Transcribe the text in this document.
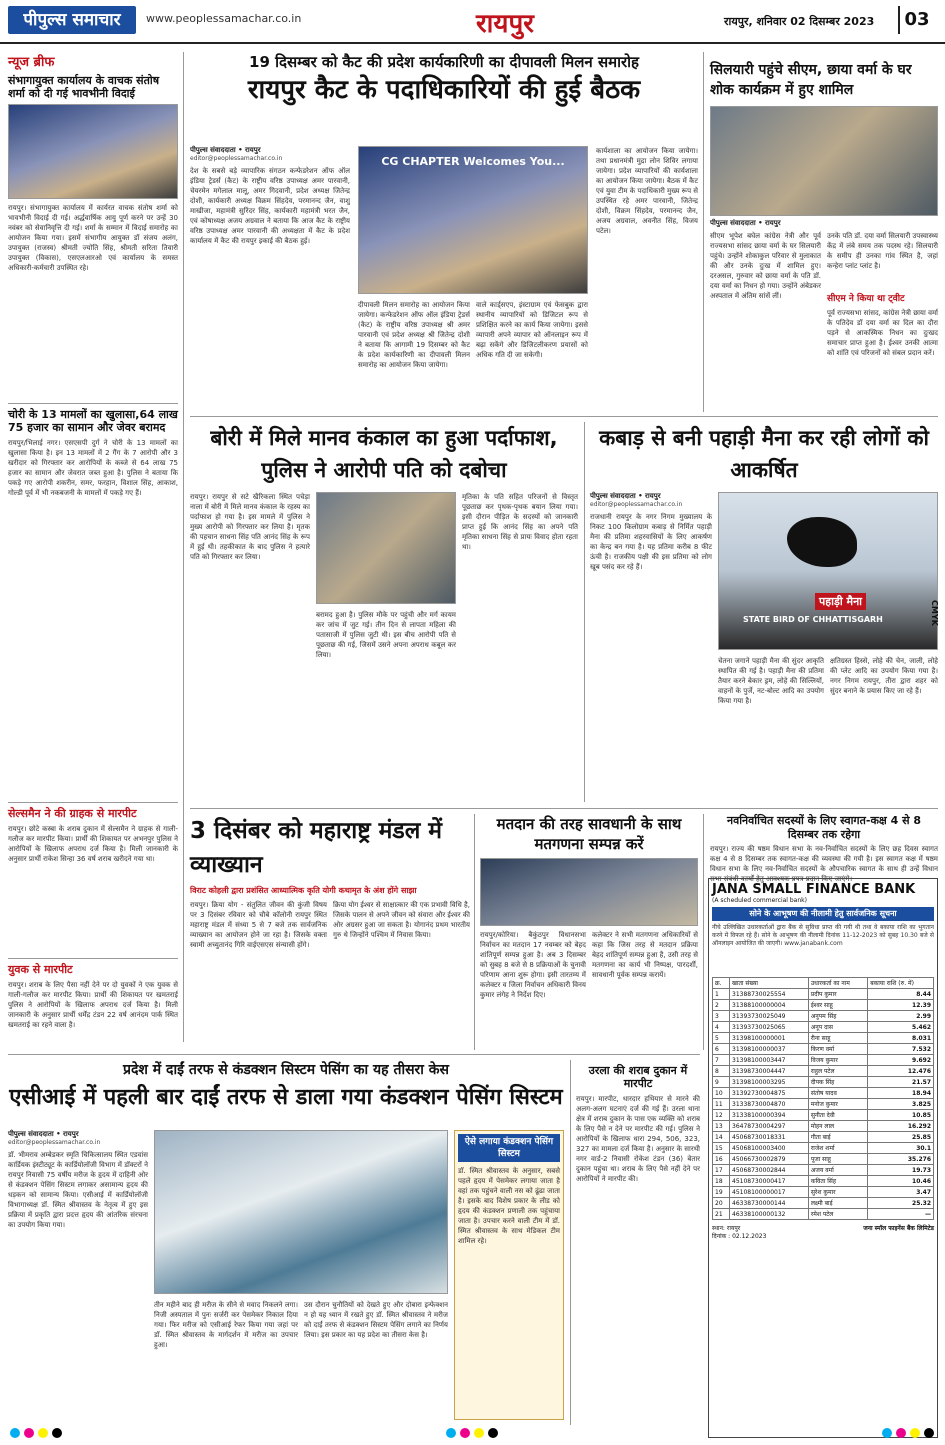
पीपुल्स समाचार	www.peoplessamachar.co.in	रायपुर	रायपुर, शनिवार 02 दिसम्बर 2023	03
न्यूज ब्रीफ
संभागायुक्त कार्यालय के वाचक संतोष शर्मा को दी गई भावभीनी विदाई
रायपुर। संभागायुक्त कार्यालय में कार्यरत वाचक संतोष शर्मा को भावभीनी विदाई दी गई। अर्द्धवार्षिक आयु पूर्ण करने पर उन्हें 30 नवंबर को सेवानिवृत्ति दी गई। शर्मा के सम्मान में विदाई समारोह का आयोजन किया गया। इसमें संभागीय आयुक्त डॉ संजय अलंग, उपायुक्त (राजस्व) श्रीमती ज्योति सिंह, श्रीमती सरिता तिवारी उपायुक्त (विकास), एसएलआरओ एवं कार्यालय के समस्त अधिकारी-कर्मचारी उपस्थित रहे।
चोरी के 13 मामलों का खुलासा,64 लाख 75 हजार का सामान और जेवर बरामद
रायपुर/भिलाई नगर। एसएसपी दुर्ग ने चोरी के 13 मामलों का खुलासा किया है। इन 13 मामलों में 2 गैंग के 7 आरोपी और 3 खरीदार को गिरफ्तार कर आरोपियों के कब्जे से 64 लाख 75 हजार का सामान और जेवरात जब्त हुआ है। पुलिस ने बताया कि पकड़े गए आरोपी शकरीन, समर, फरहान, विशाल सिंह, आकाश, गोल्डी पूर्व में भी नकबजनी के मामलों में पकड़े गए हैं।
सेल्समैन ने की ग्राहक से मारपीट
रायपुर। छोटे कस्बा के शराब दुकान में सेल्समैन ने ग्राहक से गाली-गलौज कर मारपीट किया। प्रार्थी की शिकायत पर अभनपुर पुलिस ने आरोपियों के खिलाफ अपराध दर्ज किया है। मिली जानकारी के अनुसार प्रार्थी राकेश सिन्हा 36 वर्ष शराब खरीदने गया था।
युवक से मारपीट
रायपुर। शराब के लिए पैसा नहीं देने पर दो युवकों ने एक युवक से गाली-गलौज कर मारपीट किया। प्रार्थी की शिकायत पर खमतराई पुलिस ने आरोपियों के खिलाफ अपराध दर्ज किया है। मिली जानकारी के अनुसार प्रार्थी धर्मेंद्र टंडन 22 वर्ष आनंदम पार्क स्थित खमतराई का रहने वाला है।
19 दिसम्बर को कैट की प्रदेश कार्यकारिणी का दीपावली मिलन समारोह
रायपुर कैट के पदाधिकारियों की हुई बैठक
पीपुल्स संवाददाता • रायपुर
editor@peoplessamachar.co.in
देश के सबसे बड़े व्यापारिक संगठन कन्फेडरेशन ऑफ ऑल इंडिया ट्रेडर्स (कैट) के राष्ट्रीय वरिष्ठ उपाध्यक्ष अमर पारवानी, चेयरमेन मगेलाल मालू, अमर गिदवानी, प्रदेश अध्यक्ष जितेन्द्र दोशी, कार्यकारी अध्यक्ष विक्रम सिंहदेव, परमानन्द जैन, वाशु माखीजा, महामंत्री सुरिंदर सिंह, कार्यकारी महामंत्री भरत जैन, एवं कोषाध्यक्ष अजय अग्रवाल ने बताया कि आज कैट के राष्ट्रीय वरिष्ठ उपाध्यक्ष अमर पारवानी की अध्यक्षता में कैट के प्रदेश कार्यालय में कैट की रायपुर इकाई की बैठक हुई।
CG CHAPTER Welcomes You...
कार्यशाला का आयोजन किया जायेगा। तथा प्रधानमंत्री मुद्रा लोन शिविर लगाया जायेगा। प्रदेश व्यापारियों की कार्यशाला का आयोजन किया जायेगा। बैठक में कैट एवं युवा टीम के पदाधिकारी मुख्य रूप से उपस्थित रहे अमर पारवानी, जितेन्द्र दोशी, विक्रम सिंहदेव, परमानन्द जैन, अजय अग्रवाल, अवनीत सिंह, विजय पटेल।
दीपावली मिलन समारोह का आयोजन किया जायेगा। कन्फेडरेशन ऑफ ऑल इंडिया ट्रेडर्स (कैट) के राष्ट्रीय वरिष्ठ उपाध्यक्ष श्री अमर पारवानी एवं प्रदेश अध्यक्ष श्री जितेन्द्र दोशी ने बताया कि आगामी 19 दिसम्बर को कैट के प्रदेश कार्यकारिणी का दीपावली मिलन समारोह का आयोजन किया जायेगा।
वाले कार्ड्सएप, इंस्टाग्राम एवं फेसबुक द्वारा स्थानीय व्यापारियों को डिजिटल रूप से प्रशिक्षित करने का कार्य किया जायेगा। इससे व्यापारी अपने व्यापार को ऑनलाइन रूप में बढ़ा सकेंगे और डिजिटलीकरण प्रयासों को अधिक गति दी जा सकेगी।
सिलयारी पहुंचे सीएम, छाया वर्मा के घर शोक कार्यक्रम में हुए शामिल
पीपुल्स संवाददाता • रायपुर
सीएम भूपेश बघेल कांग्रेस नेत्री और पूर्व राज्यसभा सांसद छाया वर्मा के घर सिलयारी पहुंचे। उन्होंने शोकाकुल परिवार से मुलाकात की और उनके दुःख में शामिल हुए। दरअसल, गुरुवार को छाया वर्मा के पति डॉ. दया वर्मा का निधन हो गया। उन्होंने अंबेडकर अस्पताल में अंतिम सांसें लीं।
उनके पति डॉ. दया वर्मा सिलयारी उपस्वास्थ्य केंद्र में लंबे समय तक पदस्थ रहे। सिलयारी के समीप ही उनका गांव स्थित है, जहां कन्हेरा प्लांट प्लांट है।
सीएम ने किया था ट्वीट
पूर्व राज्यसभा सांसद, कांग्रेस नेत्री छाया वर्मा के पतिदेव डॉ दया वर्मा का दिल का दौरा पड़ने से आकस्मिक निधन का दुःखद समाचार प्राप्त हुआ है। ईश्वर उनकी आत्मा को शांति एवं परिजनों को संबल प्रदान करें।
बोरी में मिले मानव कंकाल का हुआ पर्दाफाश, पुलिस ने आरोपी पति को दबोचा
रायपुर। रायपुर से सटे खैरिकला स्थित पचेड़ा नाला में बोरी में मिले मानव कंकाल के रहस्य का पर्दाफाश हो गया है। इस मामले में पुलिस ने मुख्य आरोपी को गिरफ्तार कर लिया है। मृतक की पहचान साधना सिंह पति आनंद सिंह के रूप में हुई थी। तहकीकात के बाद पुलिस ने हत्यारे पति को गिरफ्तार कर लिया।
बरामद हुआ है। पुलिस मौके पर पहुंची और मर्ग कायम कर जांच में जुट गई। तीन दिन से लापता महिला की पतासाजी में पुलिस जुटी थी। इस बीच आरोपी पति से पूछताछ की गई, जिसमें उसने अपना अपराध कबूल कर लिया।
मृतिका के पति सहित परिजनों से विस्तृत पूछताछ कर पृथक-पृथक बयान लिया गया। इसी दौरान पीड़ित के सदस्यों को जानकारी प्राप्त हुई कि आनंद सिंह का अपने पति मृतिका साधना सिंह से प्रायः विवाद होता रहता था।
कबाड़ से बनी पहाड़ी मैना कर रही लोगों को आकर्षित
पीपुल्स संवाददाता • रायपुर
editor@peoplessamachar.co.in
राजधानी रायपुर के नगर निगम मुख्यालय के निकट 100 किलोग्राम कबाड़ से निर्मित पहाड़ी मैना की प्रतिमा शहरवासियों के लिए आकर्षण का केन्द्र बन गया है। यह प्रतिमा करीब 8 फीट ऊंची है। राजकीय पक्षी की इस प्रतिमा को लोग खूब पसंद कर रहे हैं।
पहाड़ी मैना
STATE BIRD OF CHHATTISGARH
चेतना जगाने पहाड़ी मैना की सुंदर आकृति स्थापित की गई है। पहाड़ी मैना की प्रतिमा तैयार करने बेकार ड्रम, लोहे की सिल्लियों, वाहनों के पुर्जे, नट-बोल्ट आदि का उपयोग किया गया है।
क्षतिग्रस्त हिस्से, लोहे की चेन, जाली, लोहे की प्लेट आदि का उपयोग किया गया है। नगर निगम रायपुर, तीरा द्वारा शहर को सुंदर बनाने के प्रयास किए जा रहे हैं।
3 दिसंबर को महाराष्ट्र मंडल में व्याख्यान
विराट कोहली द्वारा प्रशंसित आध्यात्मिक कृति योगी कथामृत के अंश होंगे साझा
रायपुर। क्रिया योग - संतुलित जीवन की कुंजी विषय पर 3 दिसंबर रविवार को चौबे कॉलोनी रायपुर स्थित महाराष्ट्र मंडल में संध्या 5 से 7 बजे तक सार्वजनिक व्याख्यान का आयोजन होने जा रहा है। जिसके वक्ता स्वामी अच्युतानंद गिरि वाईएसएस संन्यासी होंगे।
क्रिया योग ईश्वर से साक्षात्कार की एक प्रभावी विधि है, जिसके पालन से अपने जीवन को संवारा और ईश्वर की ओर अग्रसर हुआ जा सकता है। योगानंद प्रथम भारतीय गुरु थे जिन्होंने पश्चिम में निवास किया।
मतदान की तरह सावधानी के साथ मतगणना सम्पन्न करें
रायपुर/कोरिया। बैकुंठपुर विधानसभा निर्वाचन का मतदान 17 नवम्बर को बेहद शांतिपूर्ण सम्पन्न हुआ है। अब 3 दिसम्बर को सुबह 8 बजे से 8 प्रक्रियाओं के चुनावी परिणाम आना शुरू होगा। इसी तारतम्य में कलेक्टर व जिला निर्वाचन अधिकारी विनय कुमार लंगेह ने निर्देश दिए।
कलेक्टर ने सभी मतगणना अधिकारियों से कहा कि जिस तरह से मतदान प्रक्रिया बेहद शांतिपूर्ण सम्पन्न हुआ है, उसी तरह से मतगणना का कार्य भी निष्पक्ष, पारदर्शी, सावधानी पूर्वक सम्पन्न करायें।
नवनिर्वाचित सदस्यों के लिए स्वागत-कक्ष 4 से 8 दिसम्बर तक रहेगा
रायपुर। राज्य की षष्ठम विधान सभा के नव-निर्वाचित सदस्यों के लिए छह दिवस स्वागत कक्ष 4 से 8 दिसम्बर तक स्वागत-कक्ष की व्यवस्था की गयी है। इस स्वागत कक्ष में षष्ठम विधान सभा के लिए नव-निर्वाचित सदस्यों के औपचारिक स्वागत के साथ ही उन्हें विधान सभा संबंधी कार्यों हेतु आवश्यक प्रपत्र प्रदान किए जाएंगे।
JANA SMALL FINANCE BANK
(A scheduled commercial bank)
सोने के आभूषण की नीलामी हेतु सार्वजनिक सूचना
नीचे उल्लिखित उधारकर्ताओं द्वारा बैंक से सुविधा प्राप्त की गयी थी तथा वे बकाया राशि का भुगतान करने में विफल रहे हैं। सोने के आभूषण की नीलामी दिनांक 11-12-2023 को सुबह 10.30 बजे से ऑनलाइन आयोजित की जाएगी। www.janabank.com
क्र.	खाता संख्या	उधारकर्ता का नाम	बकाया राशि (रु. में)
1	31388730025554	प्रदीप कुमार	8.44
2	31388100000004	ईश्वर साहू	12.39
3	31393730025049	अनुपम सिंह	2.99
4	31393730025065	अनूप दास	5.462
5	31398100000001	रीना साहू	8.031
6	31398100000037	किरण वर्मा	7.532
7	31398100003447	विजय कुमार	9.692
8	31398730004447	राहुल पटेल	12.476
9	31398100003295	दीपक सिंह	21.57
10	31392730004875	संतोष यादव	18.94
11	31338730004870	मनोज कुमार	3.825
12	31338100000394	सुनीता देवी	10.85
13	36478730004297	मोहन लाल	16.292
14	45068730018331	गीता बाई	25.85
15	45068100003400	राजेश शर्मा	30.1
16	45066730002879	पूजा साहू	35.276
17	45068730002844	अजय वर्मा	19.73
18	45108730000417	कविता सिंह	10.46
19	45108100000017	सुरेश कुमार	3.47
20	46338730000144	लक्ष्मी बाई	25.32
21	46338100000132	रमेश पटेल	—
स्थान: रायपुर
दिनांक : 02.12.2023
जना स्मॉल फाइनेंस बैंक लिमिटेड
प्रदेश में दाईं तरफ से कंडक्शन सिस्टम पेसिंग का यह तीसरा केस
एसीआई में पहली बार दाईं तरफ से डाला गया कंडक्शन पेसिंग सिस्टम
पीपुल्स संवाददाता • रायपुर
editor@peoplessamachar.co.in
डॉ. भीमराव अम्बेडकर स्मृति चिकित्सालय स्थित एडवांस कार्डियक इंस्टीट्यूट के कार्डियोलॉजी विभाग में डॉक्टरों ने रायपुर निवासी 75 वर्षीय मरीज के हृदय में दाहिनी ओर से कंडक्शन पेसिंग सिस्टम लगाकर असामान्य हृदय की धड़कन को सामान्य किया। एसीआई में कार्डियोलॉजी विभागाध्यक्ष डॉ. स्मित श्रीवास्तव के नेतृत्व में हुए इस प्रक्रिया में प्रकृति द्वारा प्रदत्त हृदय की आंतरिक संरचना का उपयोग किया गया।
तीन महीने बाद ही मरीज के सीने से मवाद निकलने लगा। निजी अस्पताल में पुनः सर्जरी कर पेसमेकर निकाल दिया गया। फिर मरीज को एसीआई रेफर किया गया जहां पर डॉ. स्मित श्रीवास्तव के मार्गदर्शन में मरीज का उपचार हुआ।
उस दौरान चुनौतियों को देखते हुए और दोबारा इन्फेक्शन न हो यह ध्यान में रखते हुए डॉ. स्मित श्रीवास्तव ने मरीज को दाईं तरफ से कंडक्शन सिस्टम पेसिंग लगाने का निर्णय लिया। इस प्रकार का यह प्रदेश का तीसरा केस है।
ऐसे लगाया कंडक्शन पेसिंग सिस्टम
डॉ. स्मित श्रीवास्तव के अनुसार, सबसे पहले हृदय में पेसमेकर लगाया जाता है वहां तक पहुंचने वाली नस को ढूंढा जाता है। इसके बाद विशेष प्रकार के लीड को हृदय की कंडक्शन प्रणाली तक पहुंचाया जाता है। उपचार करने वाली टीम में डॉ. स्मित श्रीवास्तव के साथ मेडिकल टीम शामिल रहे।
उरला की शराब दुकान में मारपीट
रायपुर। मारपीट, धारदार हथियार से मारने की अलग-अलग घटनाएं दर्ज की गई हैं। उरला थाना क्षेत्र में शराब दुकान के पास एक व्यक्ति को शराब के लिए पैसे न देने पर मारपीट की गई। पुलिस ने आरोपियों के खिलाफ धारा 294, 506, 323, 327 का मामला दर्ज किया है। अनुसार के सारथी नगर वार्ड-2 निवासी रोकेश टंडन (36) बेतार दुकान पहुंचा था। शराब के लिए पैसे नहीं देने पर आरोपियों ने मारपीट की।
CMYK
